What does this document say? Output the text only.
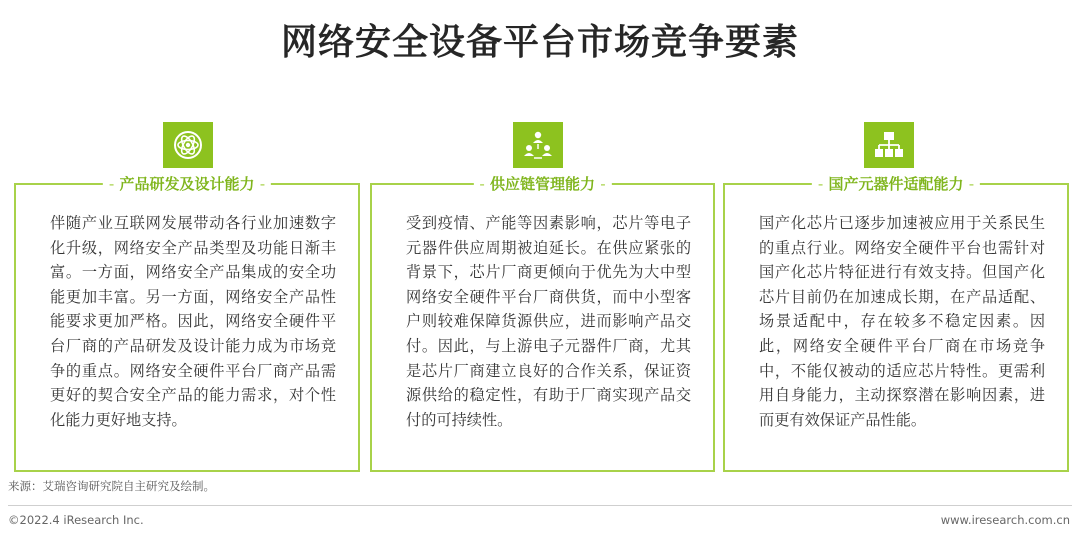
网络安全设备平台市场竞争要素
- 产品研发及设计能力 -
伴随产业互联网发展带动各行业加速数字化升级，网络安全产品类型及功能日渐丰富。一方面，网络安全产品集成的安全功能更加丰富。另一方面，网络安全产品性能要求更加严格。因此，网络安全硬件平台厂商的产品研发及设计能力成为市场竞争的重点。网络安全硬件平台厂商产品需更好的契合安全产品的能力需求，对个性化能力更好地支持。
- 供应链管理能力 -
受到疫情、产能等因素影响，芯片等电子元器件供应周期被迫延长。在供应紧张的背景下，芯片厂商更倾向于优先为大中型网络安全硬件平台厂商供货，而中小型客户则较难保障货源供应，进而影响产品交付。因此，与上游电子元器件厂商，尤其是芯片厂商建立良好的合作关系，保证资源供给的稳定性，有助于厂商实现产品交付的可持续性。
- 国产元器件适配能力 -
国产化芯片已逐步加速被应用于关系民生的重点行业。网络安全硬件平台也需针对国产化芯片特征进行有效支持。但国产化芯片目前仍在加速成长期，在产品适配、场景适配中，存在较多不稳定因素。因此，网络安全硬件平台厂商在市场竞争中，不能仅被动的适应芯片特性。更需利用自身能力，主动探察潜在影响因素，进而更有效保证产品性能。
来源：艾瑞咨询研究院自主研究及绘制。
©2022.4 iResearch Inc.	www.iresearch.com.cn
